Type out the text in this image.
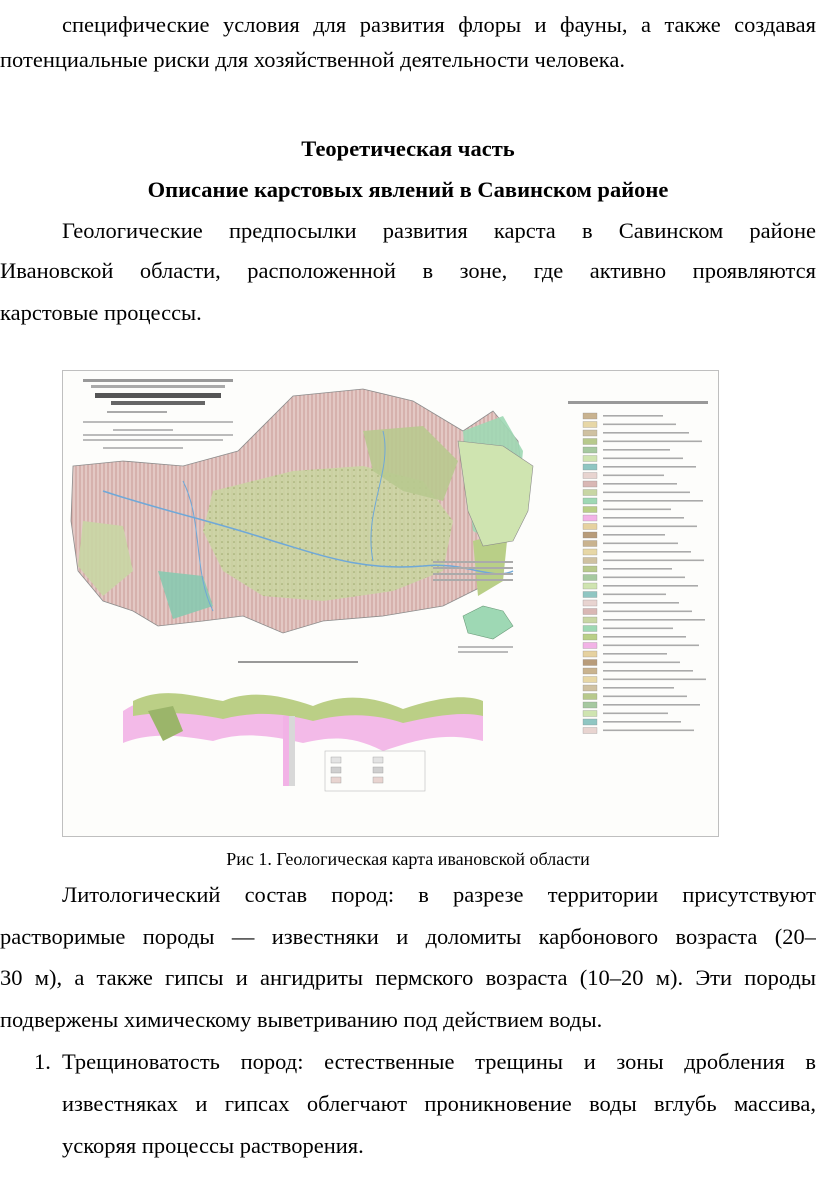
специфические условия для развития флоры и фауны, а также создавая
потенциальные риски для хозяйственной деятельности человека.
Теоретическая часть
Описание карстовых явлений в Савинском районе
Геологические предпосылки развития карста в Савинском районе
Ивановской области, расположенной в зоне, где активно проявляются
карстовые процессы.
Рис 1. Геологическая карта ивановской области
Литологический состав пород: в разрезе территории присутствуют
растворимые породы — известняки и доломиты карбонового возраста (20–
30 м), а также гипсы и ангидриты пермского возраста (10–20 м). Эти породы
подвержены химическому выветриванию под действием воды.
1. Трещиноватость пород: естественные трещины и зоны дробления в
известняках и гипсах облегчают проникновение воды вглубь массива,
ускоряя процессы растворения.
